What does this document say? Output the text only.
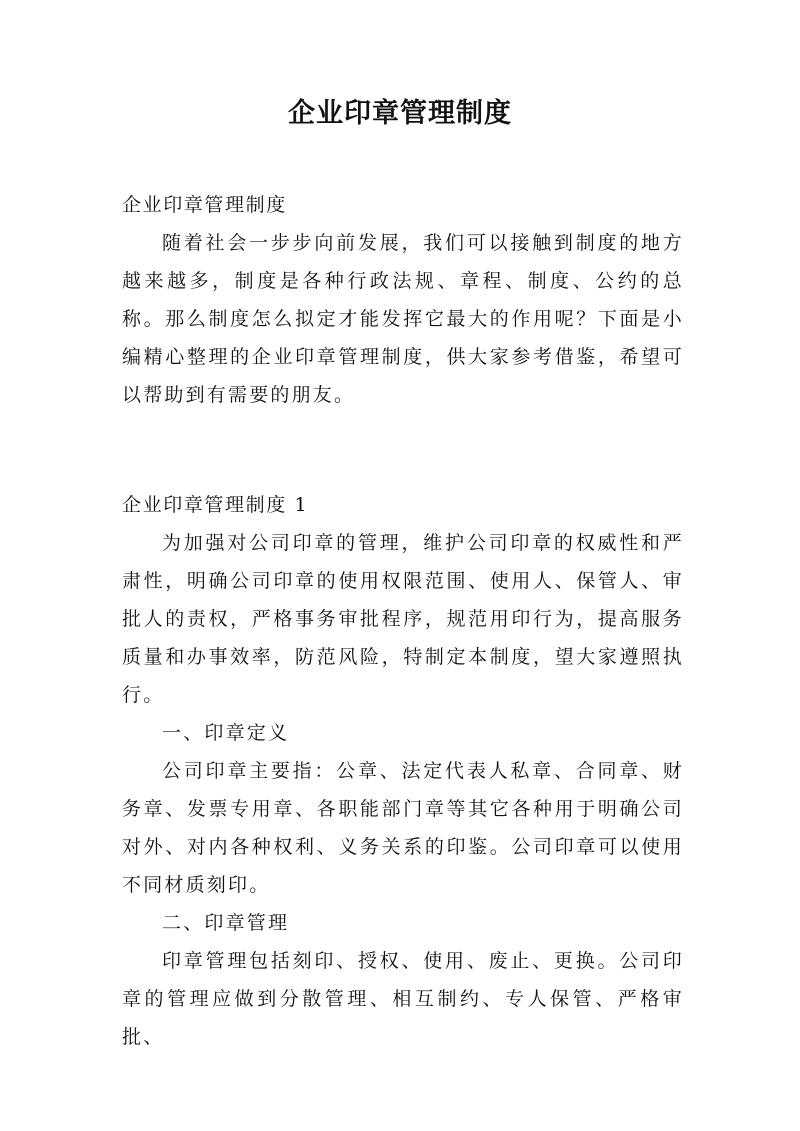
企业印章管理制度

企业印章管理制度

随着社会一步步向前发展，我们可以接触到制度的地方越来越多，制度是各种行政法规、章程、制度、公约的总称。那么制度怎么拟定才能发挥它最大的作用呢？下面是小编精心整理的企业印章管理制度，供大家参考借鉴，希望可以帮助到有需要的朋友。

企业印章管理制度 1

为加强对公司印章的管理，维护公司印章的权威性和严肃性，明确公司印章的使用权限范围、使用人、保管人、审批人的责权，严格事务审批程序，规范用印行为，提高服务质量和办事效率，防范风险，特制定本制度，望大家遵照执行。

一、印章定义

公司印章主要指：公章、法定代表人私章、合同章、财务章、发票专用章、各职能部门章等其它各种用于明确公司对外、对内各种权利、义务关系的印鉴。公司印章可以使用不同材质刻印。

二、印章管理

印章管理包括刻印、授权、使用、废止、更换。公司印章的管理应做到分散管理、相互制约、专人保管、严格审批、
